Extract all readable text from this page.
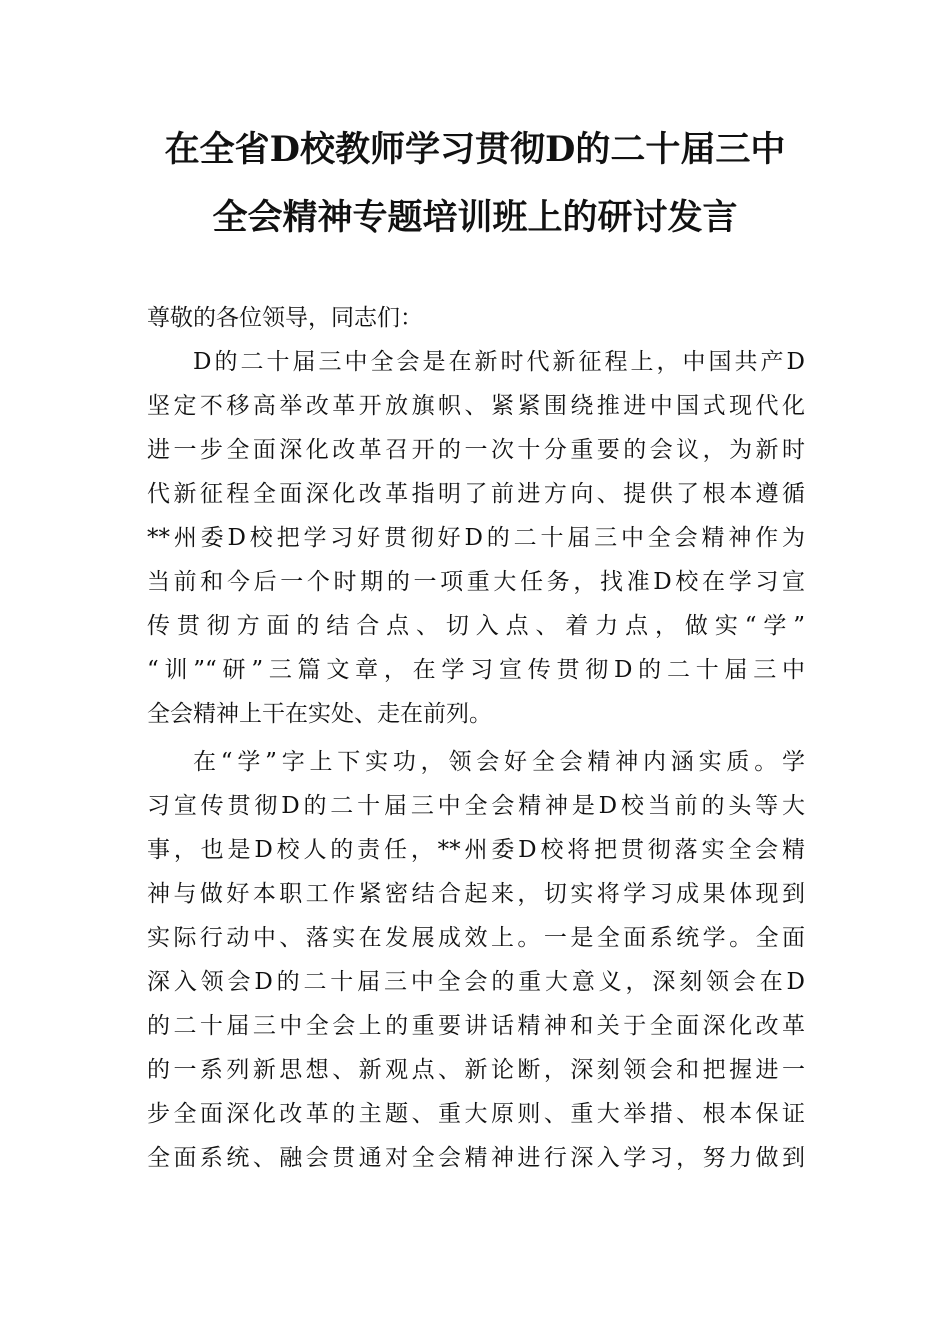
在全省D校教师学习贯彻D的二十届三中
全会精神专题培训班上的研讨发言
尊敬的各位领导，同志们：
D的二十届三中全会是在新时代新征程上，中国共产D
坚定不移高举改革开放旗帜、紧紧围绕推进中国式现代化
进一步全面深化改革召开的一次十分重要的会议，为新时
代新征程全面深化改革指明了前进方向、提供了根本遵循
**州委D校把学习好贯彻好D的二十届三中全会精神作为
当前和今后一个时期的一项重大任务，找准D校在学习宣
传贯彻方面的结合点、切入点、着力点，做实“学”
“训”“研”三篇文章，在学习宣传贯彻D的二十届三中
全会精神上干在实处、走在前列。
在“学”字上下实功，领会好全会精神内涵实质。学
习宣传贯彻D的二十届三中全会精神是D校当前的头等大
事，也是D校人的责任，**州委D校将把贯彻落实全会精
神与做好本职工作紧密结合起来，切实将学习成果体现到
实际行动中、落实在发展成效上。一是全面系统学。全面
深入领会D的二十届三中全会的重大意义，深刻领会在D
的二十届三中全会上的重要讲话精神和关于全面深化改革
的一系列新思想、新观点、新论断，深刻领会和把握进一
步全面深化改革的主题、重大原则、重大举措、根本保证
全面系统、融会贯通对全会精神进行深入学习，努力做到
